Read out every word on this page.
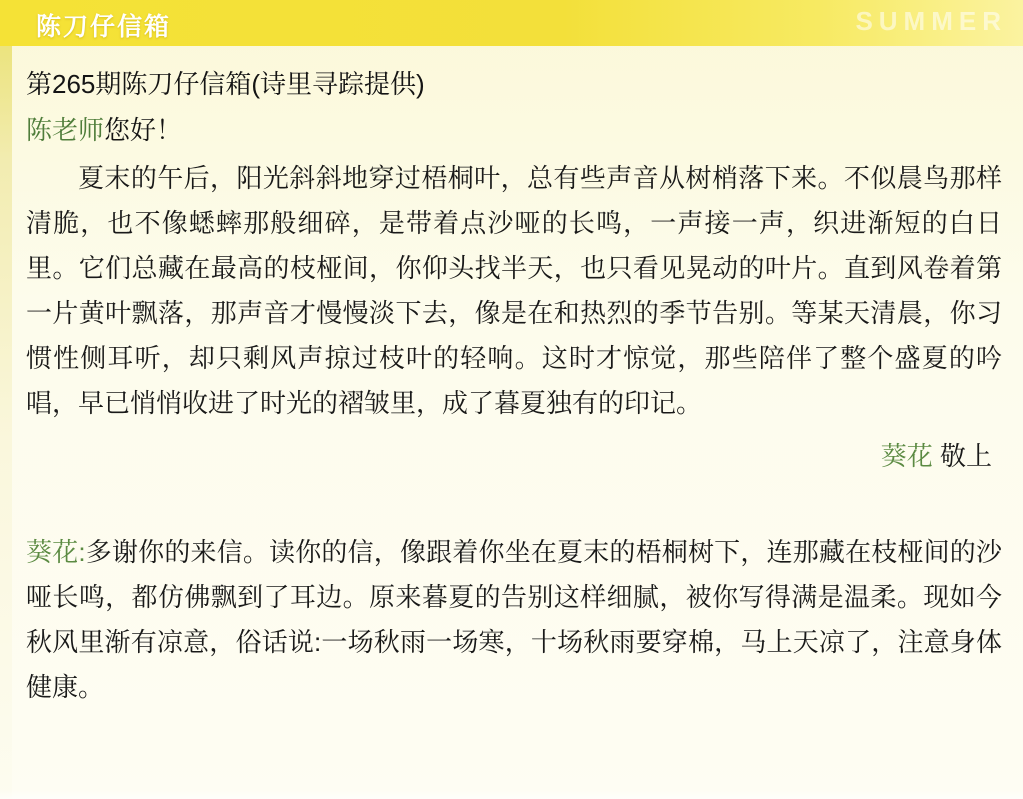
陈刀仔信箱	SUMMER
第265期陈刀仔信箱(诗里寻踪提供)
陈老师您好！
夏末的午后，阳光斜斜地穿过梧桐叶，总有些声音从树梢落下来。不似晨鸟那样清脆，也不像蟋蟀那般细碎，是带着点沙哑的长鸣，一声接一声，织进渐短的白日里。它们总藏在最高的枝桠间，你仰头找半天，也只看见晃动的叶片。直到风卷着第一片黄叶飘落，那声音才慢慢淡下去，像是在和热烈的季节告别。等某天清晨，你习惯性侧耳听，却只剩风声掠过枝叶的轻响。这时才惊觉，那些陪伴了整个盛夏的吟唱，早已悄悄收进了时光的褶皱里，成了暮夏独有的印记。
葵花 敬上
葵花:多谢你的来信。读你的信，像跟着你坐在夏末的梧桐树下，连那藏在枝桠间的沙哑长鸣，都仿佛飘到了耳边。原来暮夏的告别这样细腻，被你写得满是温柔。现如今秋风里渐有凉意，俗话说:一场秋雨一场寒，十场秋雨要穿棉，马上天凉了，注意身体健康。
